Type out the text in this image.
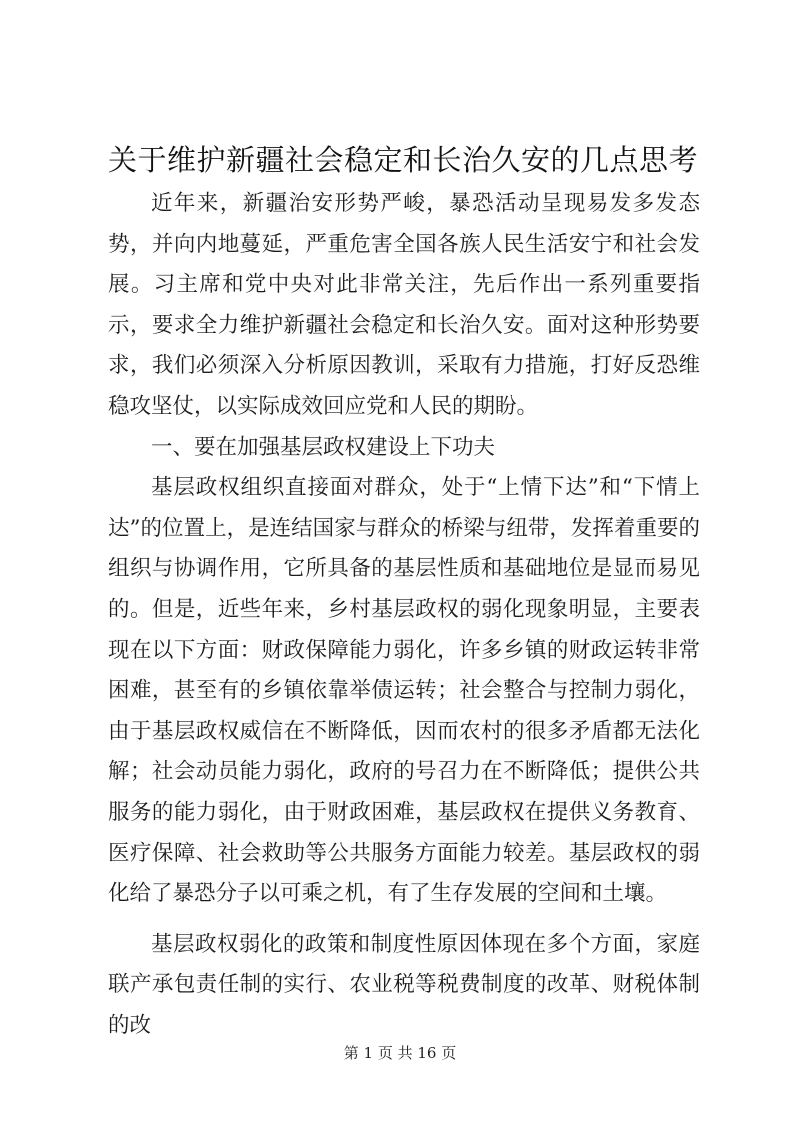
关于维护新疆社会稳定和长治久安的几点思考

近年来，新疆治安形势严峻，暴恐活动呈现易发多发态势，并向内地蔓延，严重危害全国各族人民生活安宁和社会发展。习主席和党中央对此非常关注，先后作出一系列重要指示，要求全力维护新疆社会稳定和长治久安。面对这种形势要求，我们必须深入分析原因教训，采取有力措施，打好反恐维稳攻坚仗，以实际成效回应党和人民的期盼。

一、要在加强基层政权建设上下功夫

基层政权组织直接面对群众，处于“上情下达”和“下情上达”的位置上，是连结国家与群众的桥梁与纽带，发挥着重要的组织与协调作用，它所具备的基层性质和基础地位是显而易见的。但是，近些年来，乡村基层政权的弱化现象明显，主要表现在以下方面：财政保障能力弱化，许多乡镇的财政运转非常困难，甚至有的乡镇依靠举债运转；社会整合与控制力弱化，由于基层政权威信在不断降低，因而农村的很多矛盾都无法化解；社会动员能力弱化，政府的号召力在不断降低；提供公共服务的能力弱化，由于财政困难，基层政权在提供义务教育、医疗保障、社会救助等公共服务方面能力较差。基层政权的弱化给了暴恐分子以可乘之机，有了生存发展的空间和土壤。

基层政权弱化的政策和制度性原因体现在多个方面，家庭联产承包责任制的实行、农业税等税费制度的改革、财税体制的改

第 1 页 共 16 页
